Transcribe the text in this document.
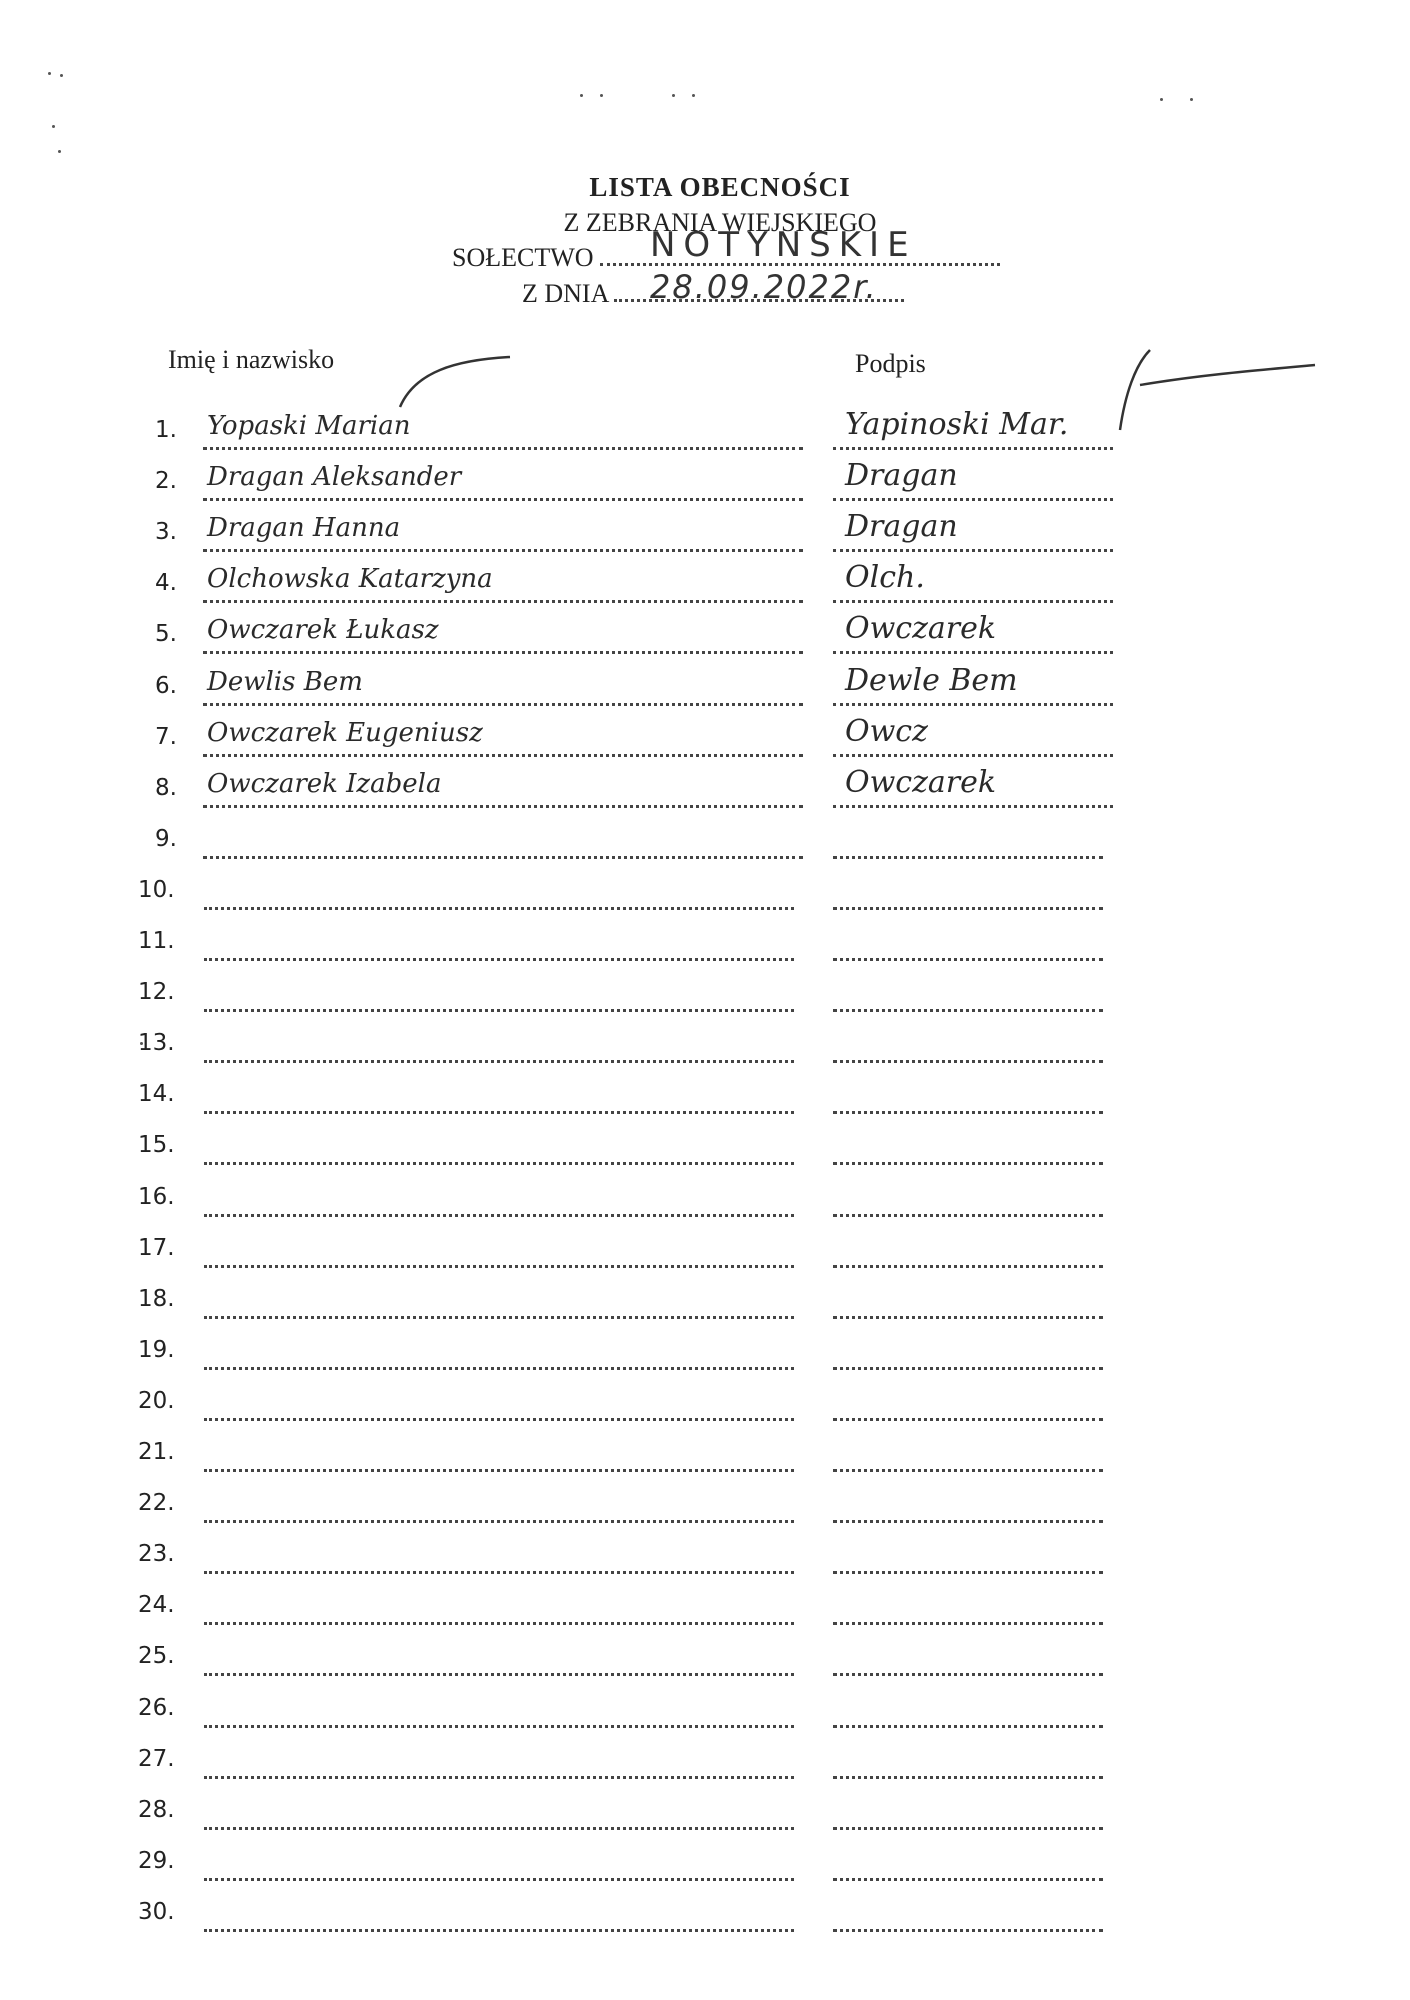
LISTA OBECNOŚCI
Z ZEBRANIA WIEJSKIEGO
SOŁECTWO	NOTYNSKIE
Z DNIA	28.09.2022r.
Imię i nazwisko	Podpis
1. Yopaski Marian	Yapinoski Mar.
2. Dragan Aleksander	Dragan
3. Dragan Hanna	Dragan
4. Olchowska Katarzyna	Olch.
5. Owczarek Łukasz	Owczarek
6. Dewlis Bem	Dewle Bem
7. Owczarek Eugeniusz	Owcz
8. Owczarek Izabela	Owczarek
9.
10.
11.
12.
13.
14.
15.
16.
17.
18.
19.
20.
21.
22.
23.
24.
25.
26.
27.
28.
29.
30.
